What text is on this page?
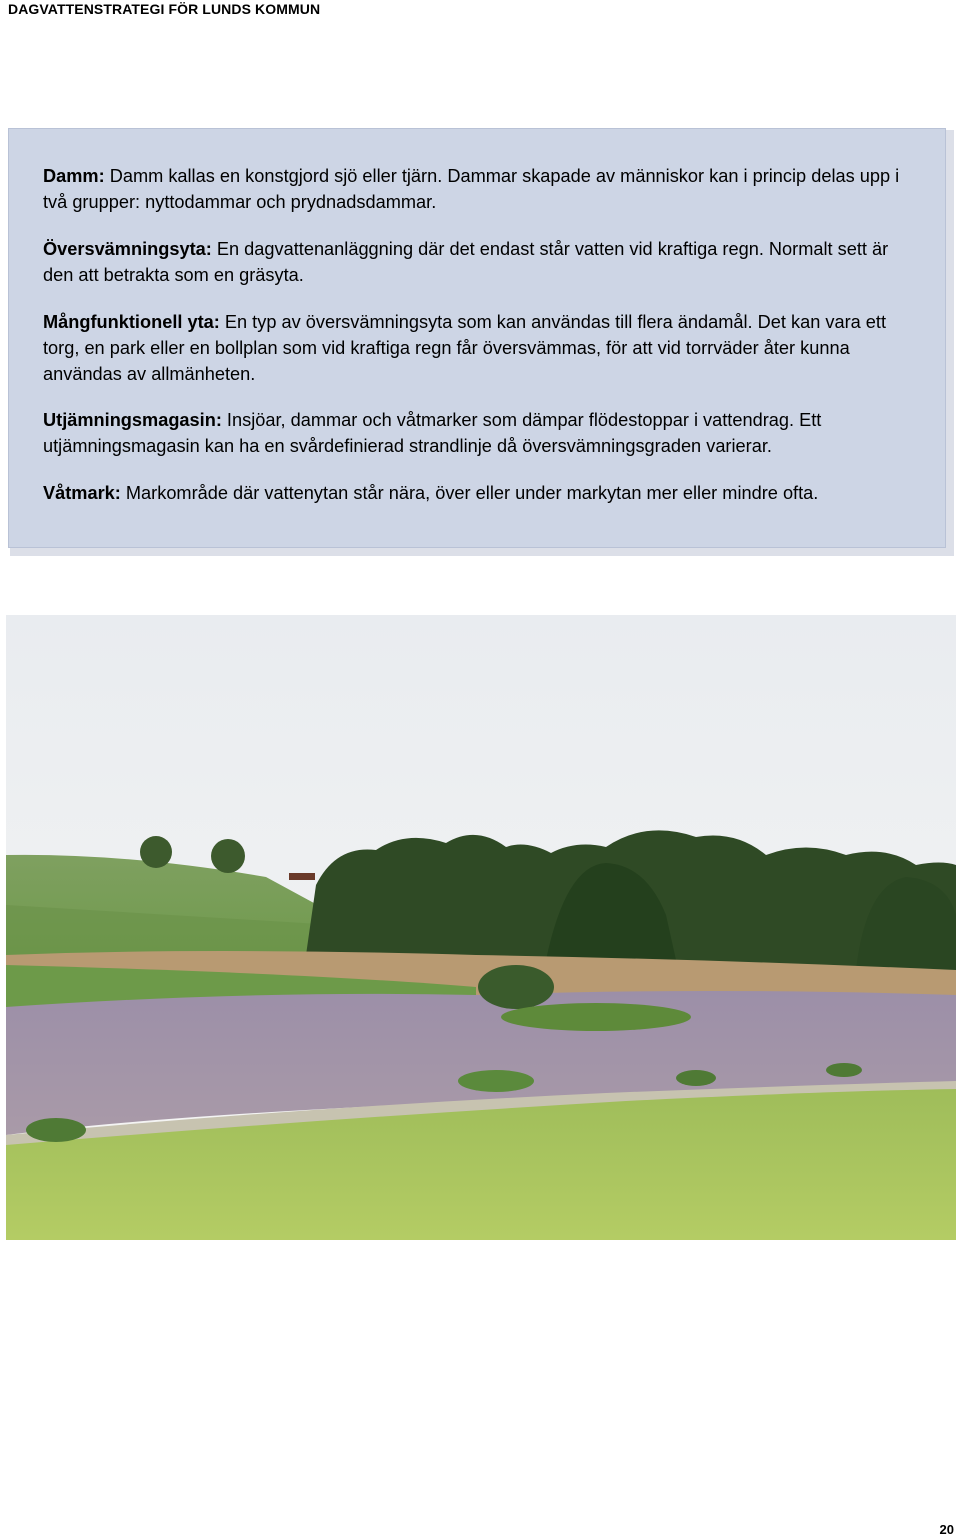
DAGVATTENSTRATEGI FÖR LUNDS KOMMUN

Damm: Damm kallas en konstgjord sjö eller tjärn. Dammar skapade av människor kan i princip delas upp i två grupper: nyttodammar och prydnadsdammar.

Översvämningsyta: En dagvattenanläggning där det endast står vatten vid kraftiga regn. Normalt sett är den att betrakta som en gräsyta.

Mångfunktionell yta: En typ av översvämningsyta som kan användas till flera ändamål. Det kan vara ett torg, en park eller en bollplan som vid kraftiga regn får översvämmas, för att vid torrväder åter kunna användas av allmänheten.

Utjämningsmagasin: Insjöar, dammar och våtmarker som dämpar flödestoppar i vattendrag. Ett utjämningsmagasin kan ha en svårdefinierad strandlinje då översvämningsgraden varierar.

Våtmark: Markområde där vattenytan står nära, över eller under markytan mer eller mindre ofta.

20
